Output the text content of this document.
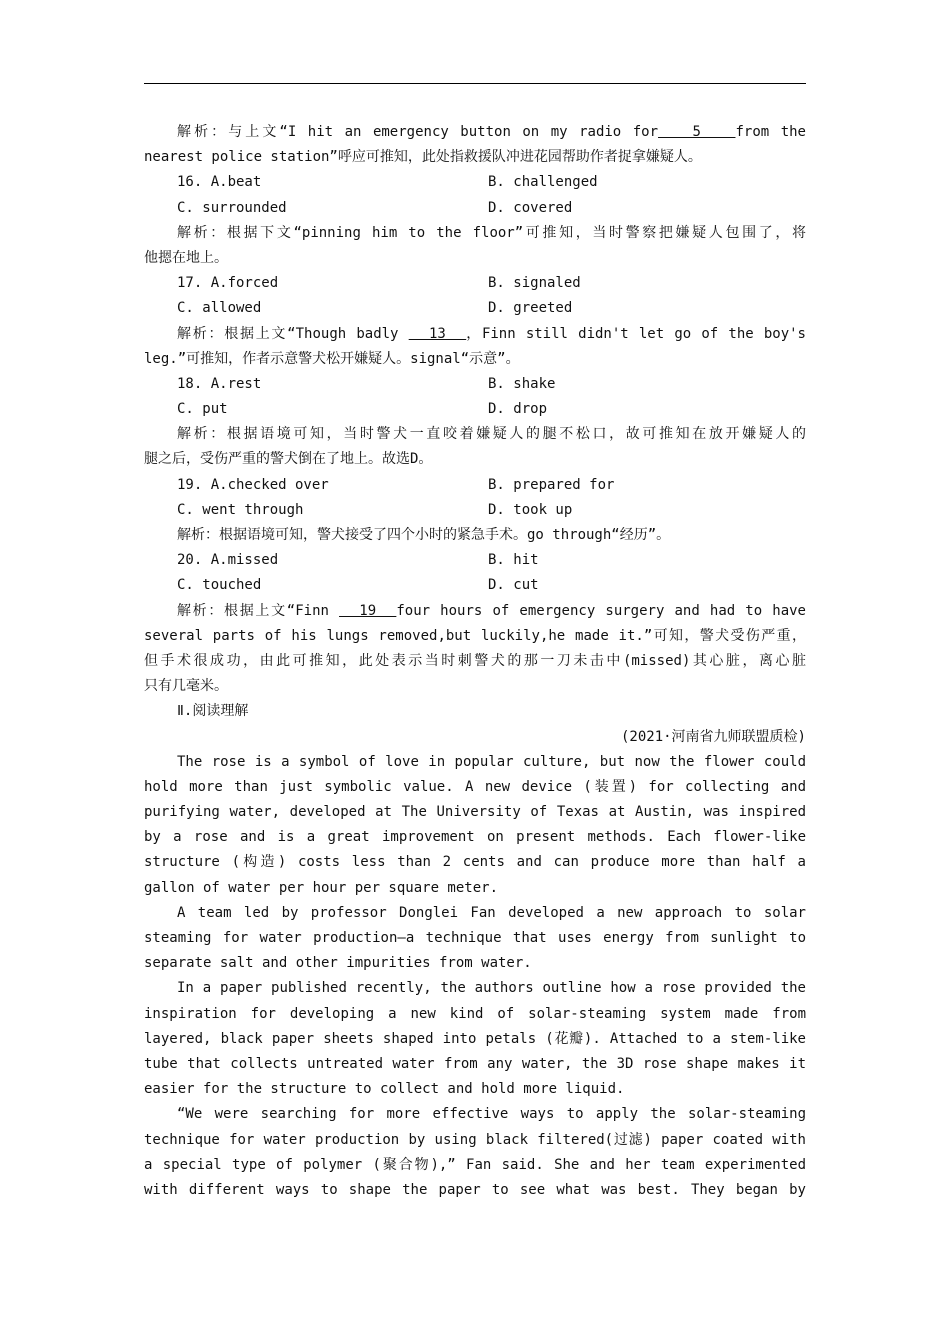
解析：与上文“I hit an emergency button on my radio for   5   from the
nearest police station”呼应可推知，此处指救援队冲进花园帮助作者捉拿嫌疑人。
16. A.beat	B. challenged
C. surrounded	D. covered
解析：根据下文“pinning him to the floor”可推知，当时警察把嫌疑人包围了，将
他摁在地上。
17. A.forced	B. signaled
C. allowed	D. greeted
解析：根据上文“Though badly   13  ，Finn still didn't let go of the boy's
leg.”可推知，作者示意警犬松开嫌疑人。signal“示意”。
18. A.rest	B. shake
C. put	D. drop
解析：根据语境可知，当时警犬一直咬着嫌疑人的腿不松口，故可推知在放开嫌疑人的
腿之后，受伤严重的警犬倒在了地上。故选D。
19. A.checked over	B. prepared for
C. went through	D. took up
解析：根据语境可知，警犬接受了四个小时的紧急手术。go through“经历”。
20. A.missed	B. hit
C. touched	D. cut
解析：根据上文“Finn   19  four hours of emergency surgery and had to have
several parts of his lungs removed,but luckily,he made it.”可知，警犬受伤严重，
但手术很成功，由此可推知，此处表示当时刺警犬的那一刀未击中(missed)其心脏，离心脏
只有几毫米。
Ⅱ.阅读理解
(2021·河南省九师联盟质检)
The rose is a symbol of love in popular culture, but now the flower could
hold more than just symbolic value. A new device (装置) for collecting and
purifying water, developed at The University of Texas at Austin, was inspired
by a rose and is a great improvement on present methods. Each flower-like
structure (构造) costs less than 2 cents and can produce more than half a
gallon of water per hour per square meter.
A team led by professor Donglei Fan developed a new approach to solar
steaming for water production—a technique that uses energy from sunlight to
separate salt and other impurities from water.
In a paper published recently, the authors outline how a rose provided the
inspiration for developing a new kind of solar-steaming system made from
layered, black paper sheets shaped into petals (花瓣). Attached to a stem-like
tube that collects untreated water from any water, the 3D rose shape makes it
easier for the structure to collect and hold more liquid.
“We were searching for more effective ways to apply the solar-steaming
technique for water production by using black filtered(过滤) paper coated with
a special type of polymer (聚合物),” Fan said. She and her team experimented
with different ways to shape the paper to see what was best. They began by
